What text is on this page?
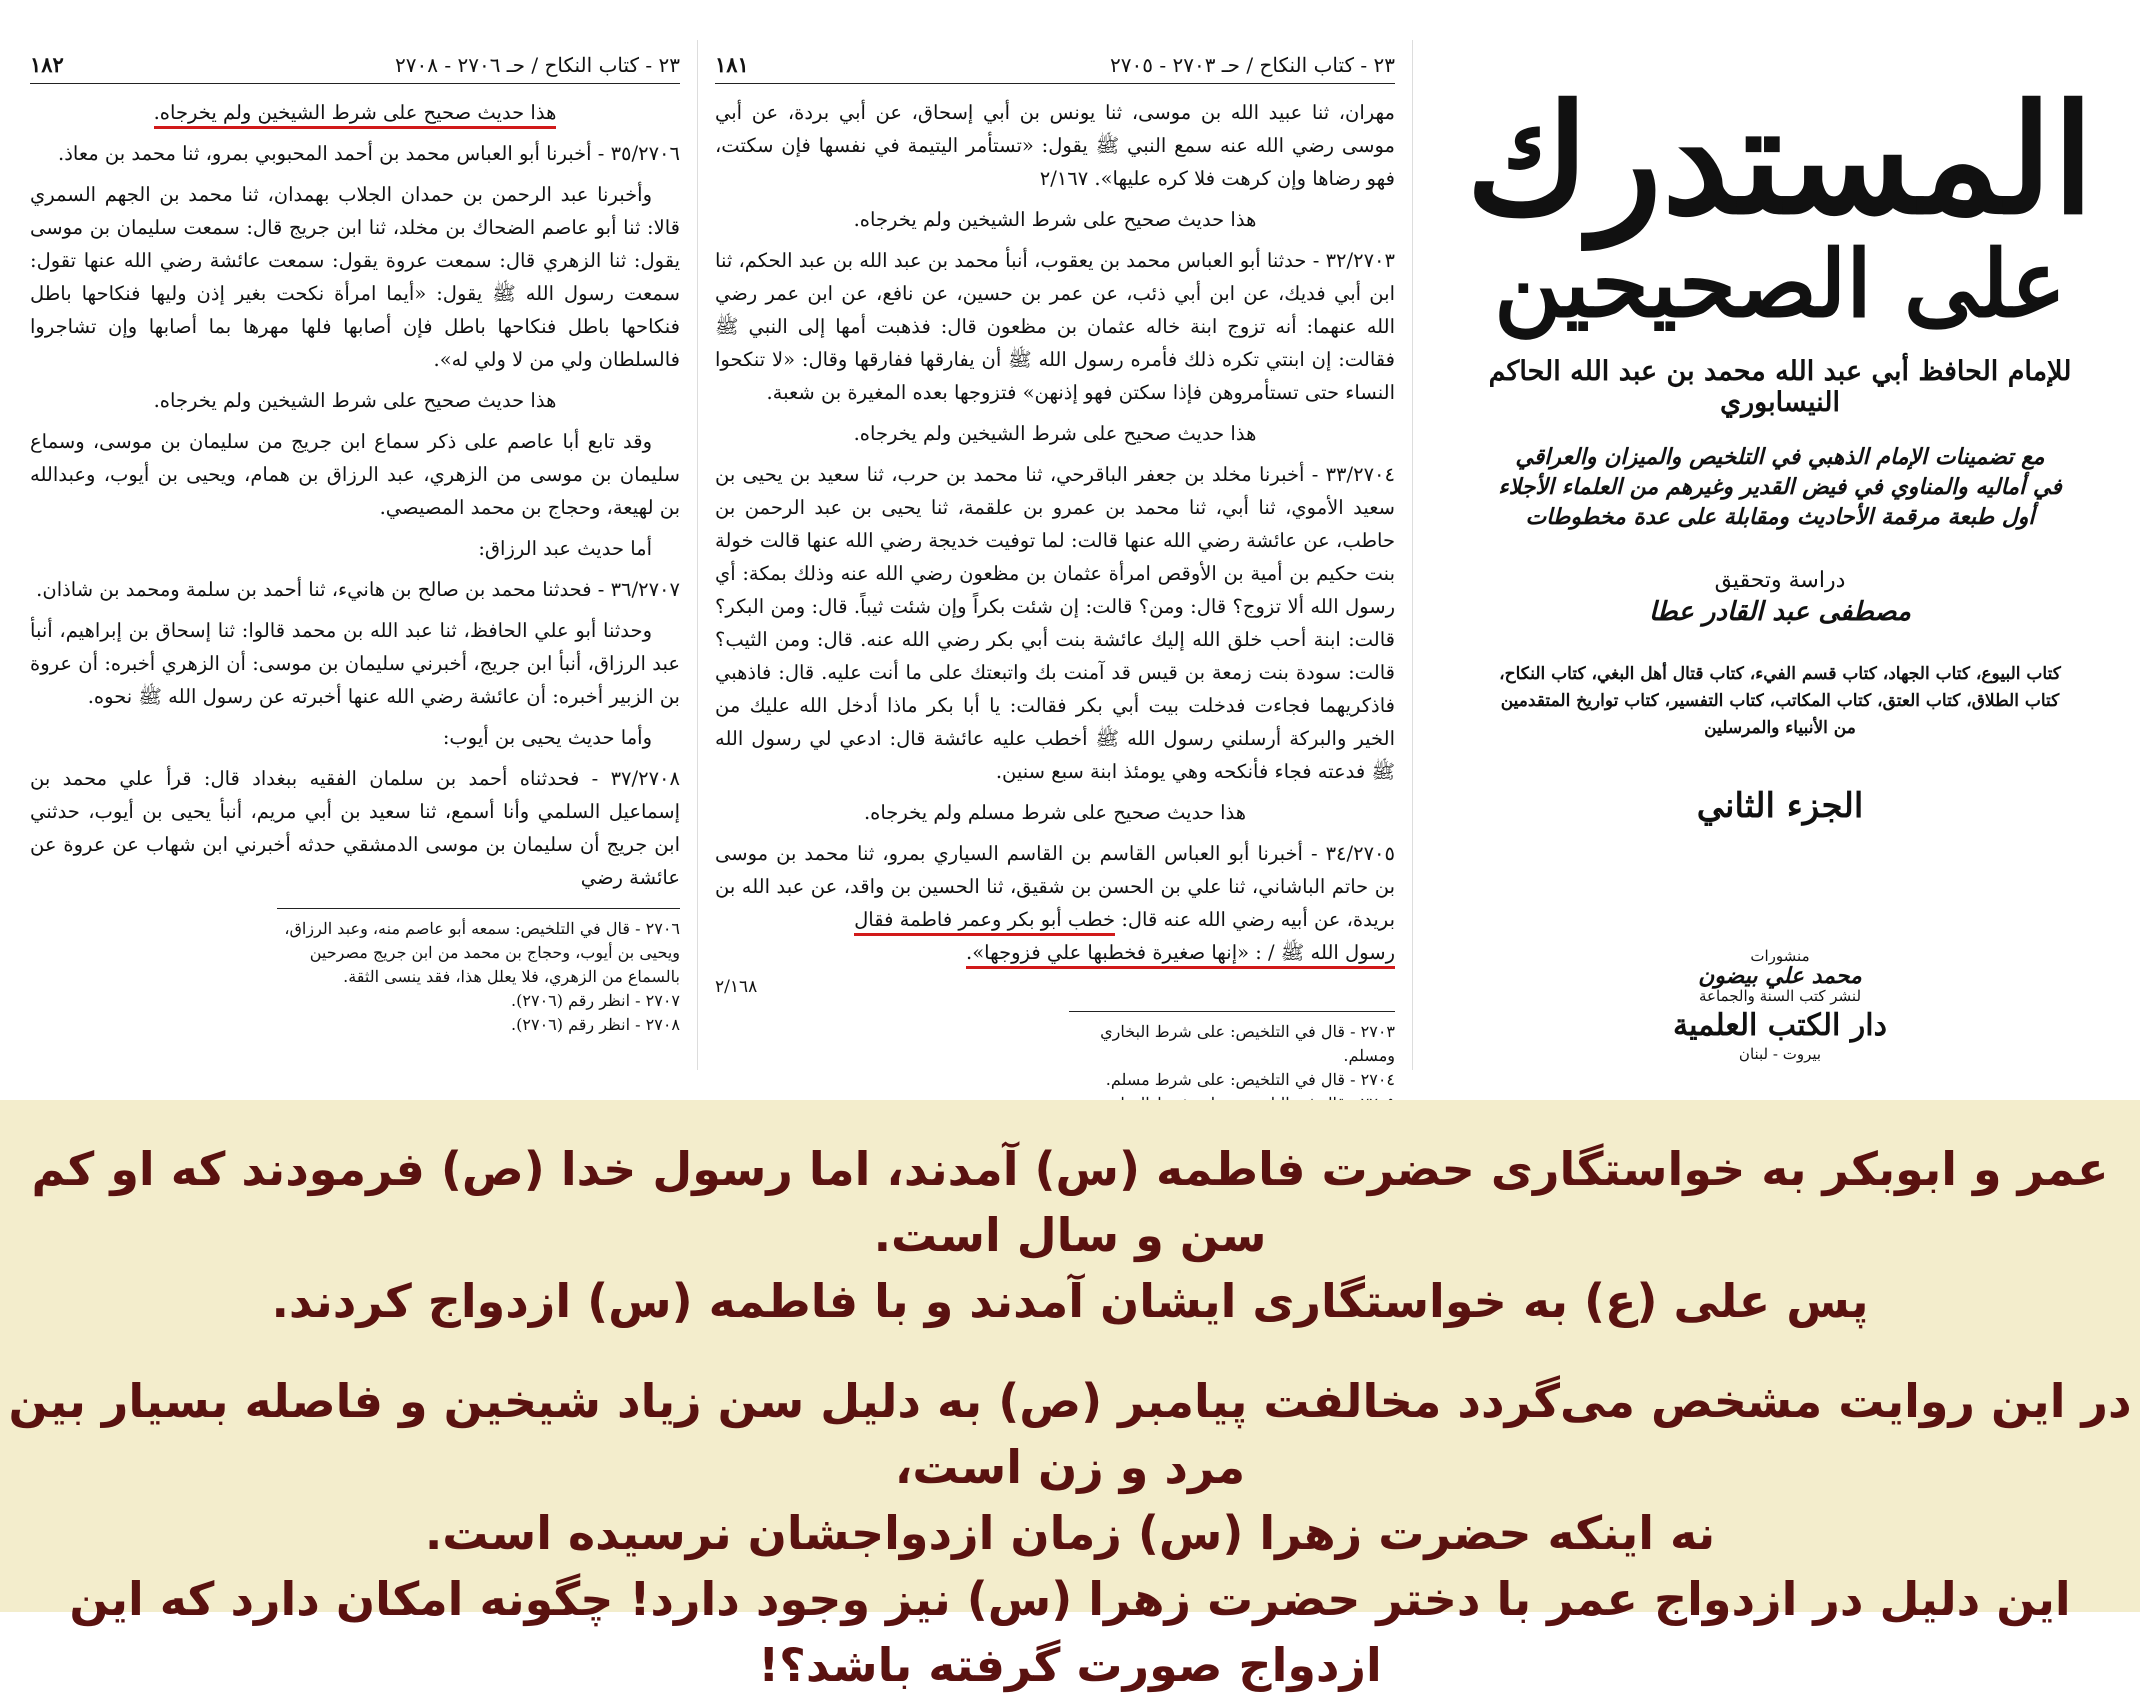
٢٣ - كتاب النكاح / حـ ٢٧٠٦ - ٢٧٠٨
١٨٢

هذا حديث صحيح على شرط الشيخين ولم يخرجاه.

٣٥/٢٧٠٦ - أخبرنا أبو العباس محمد بن أحمد المحبوبي بمرو، ثنا محمد بن معاذ.

وأخبرنا عبد الرحمن بن حمدان الجلاب بهمدان، ثنا محمد بن الجهم السمري قالا: ثنا أبو عاصم الضحاك بن مخلد، ثنا ابن جريج قال: سمعت سليمان بن موسى يقول: ثنا الزهري قال: سمعت عروة يقول: سمعت عائشة رضي الله عنها تقول: سمعت رسول الله ﷺ يقول: «أيما امرأة نكحت بغير إذن وليها فنكاحها باطل فنكاحها باطل فنكاحها باطل فإن أصابها فلها مهرها بما أصابها وإن تشاجروا فالسلطان ولي من لا ولي له».

هذا حديث صحيح على شرط الشيخين ولم يخرجاه.

وقد تابع أبا عاصم على ذكر سماع ابن جريج من سليمان بن موسى، وسماع سليمان بن موسى من الزهري، عبد الرزاق بن همام، ويحيى بن أيوب، وعبدالله بن لهيعة، وحجاج بن محمد المصيصي.

أما حديث عبد الرزاق:

٣٦/٢٧٠٧ - فحدثنا محمد بن صالح بن هانيء، ثنا أحمد بن سلمة ومحمد بن شاذان.

وحدثنا أبو علي الحافظ، ثنا عبد الله بن محمد قالوا: ثنا إسحاق بن إبراهيم، أنبأ عبد الرزاق، أنبأ ابن جريج، أخبرني سليمان بن موسى: أن الزهري أخبره: أن عروة بن الزبير أخبره: أن عائشة رضي الله عنها أخبرته عن رسول الله ﷺ نحوه.

وأما حديث يحيى بن أيوب:

٣٧/٢٧٠٨ - فحدثناه أحمد بن سلمان الفقيه ببغداد قال: قرأ علي محمد بن إسماعيل السلمي وأنا أسمع، ثنا سعيد بن أبي مريم، أنبأ يحيى بن أيوب، حدثني ابن جريج أن سليمان بن موسى الدمشقي حدثه أخبرني ابن شهاب عن عروة عن عائشة رضي

٢٧٠٦ - قال في التلخيص: سمعه أبو عاصم منه، وعبد الرزاق، ويحيى بن أيوب، وحجاج بن محمد من ابن جريج مصرحين بالسماع من الزهري، فلا يعلل هذا، فقد ينسى الثقة.

٢٧٠٧ - انظر رقم (٢٧٠٦).

٢٧٠٨ - انظر رقم (٢٧٠٦).

٢٣ - كتاب النكاح / حـ ٢٧٠٣ - ٢٧٠٥
١٨١

مهران، ثنا عبيد الله بن موسى، ثنا يونس بن أبي إسحاق، عن أبي بردة، عن أبي موسى رضي الله عنه سمع النبي ﷺ يقول: «تستأمر اليتيمة في نفسها فإن سكتت، فهو رضاها وإن كرهت فلا كره عليها». ٢/١٦٧

هذا حديث صحيح على شرط الشيخين ولم يخرجاه.

٣٢/٢٧٠٣ - حدثنا أبو العباس محمد بن يعقوب، أنبأ محمد بن عبد الله بن عبد الحكم، ثنا ابن أبي فديك، عن ابن أبي ذئب، عن عمر بن حسين، عن نافع، عن ابن عمر رضي الله عنهما: أنه تزوج ابنة خاله عثمان بن مظعون قال: فذهبت أمها إلى النبي ﷺ فقالت: إن ابنتي تكره ذلك فأمره رسول الله ﷺ أن يفارقها ففارقها وقال: «لا تنكحوا النساء حتى تستأمروهن فإذا سكتن فهو إذنهن» فتزوجها بعده المغيرة بن شعبة.

هذا حديث صحيح على شرط الشيخين ولم يخرجاه.

٣٣/٢٧٠٤ - أخبرنا مخلد بن جعفر الباقرحي، ثنا محمد بن حرب، ثنا سعيد بن يحيى بن سعيد الأموي، ثنا أبي، ثنا محمد بن عمرو بن علقمة، ثنا يحيى بن عبد الرحمن بن حاطب، عن عائشة رضي الله عنها قالت: لما توفيت خديجة رضي الله عنها قالت خولة بنت حكيم بن أمية بن الأوقص امرأة عثمان بن مظعون رضي الله عنه وذلك بمكة: أي رسول الله ألا تزوج؟ قال: ومن؟ قالت: إن شئت بكراً وإن شئت ثيباً. قال: ومن البكر؟ قالت: ابنة أحب خلق الله إليك عائشة بنت أبي بكر رضي الله عنه. قال: ومن الثيب؟ قالت: سودة بنت زمعة بن قيس قد آمنت بك واتبعتك على ما أنت عليه. قال: فاذهبي فاذكريهما فجاءت فدخلت بيت أبي بكر فقالت: يا أبا بكر ماذا أدخل الله عليك من الخير والبركة أرسلني رسول الله ﷺ أخطب عليه عائشة قال: ادعي لي رسول الله ﷺ فدعته فجاء فأنكحه وهي يومئذ ابنة سبع سنين.

هذا حديث صحيح على شرط مسلم ولم يخرجاه.

٣٤/٢٧٠٥ - أخبرنا أبو العباس القاسم بن القاسم السياري بمرو، ثنا محمد بن موسى بن حاتم الباشاني، ثنا علي بن الحسن بن شقيق، ثنا الحسين بن واقد، عن عبد الله بن بريدة، عن أبيه رضي الله عنه قال: خطب أبو بكر وعمر فاطمة فقال
رسول الله ﷺ / : «إنها صغيرة فخطبها علي فزوجها».

٢/١٦٨

٢٧٠٣ - قال في التلخيص: على شرط البخاري ومسلم.

٢٧٠٤ - قال في التلخيص: على شرط مسلم.

المستدرك
على الصحيحين
للإمام الحافظ أبي عبد الله محمد بن عبد الله الحاكم النيسابوري
مع تضمينات الإمام الذهبي في التلخيص والميزان والعراقي
في أماليه والمناوي في فيض القدير وغيرهم من العلماء الأجلاء
أول طبعة مرقمة الأحاديث ومقابلة على عدة مخطوطات
دراسة وتحقيق
مصطفى عبد القادر عطا
كتاب البيوع، كتاب الجهاد، كتاب قسم الفيء، كتاب قتال أهل البغي، كتاب النكاح، كتاب الطلاق، كتاب العتق، كتاب المكاتب، كتاب التفسير، كتاب تواريخ المتقدمين من الأنبياء والمرسلين
الجزء الثاني
منشورات
محمد علي بيضون
لنشر كتب السنة والجماعة
دار الكتب العلمية
بيروت - لبنان

عمر و ابوبکر به خواستگاری حضرت فاطمه (س) آمدند، اما رسول خدا (ص) فرمودند که او کم سن و سال است.

پس علی (ع) به خواستگاری ایشان آمدند و با فاطمه (س) ازدواج کردند.

در این روایت مشخص می‌گردد مخالفت پیامبر (ص) به دلیل سن زیاد شیخین و فاصله بسیار بین مرد و زن است،

نه اینکه حضرت زهرا (س) زمان ازدواجشان نرسیده است.

این دلیل در ازدواج عمر با دختر حضرت زهرا (س) نیز وجود دارد! چگونه امکان دارد که این ازدواج صورت گرفته باشد؟!
